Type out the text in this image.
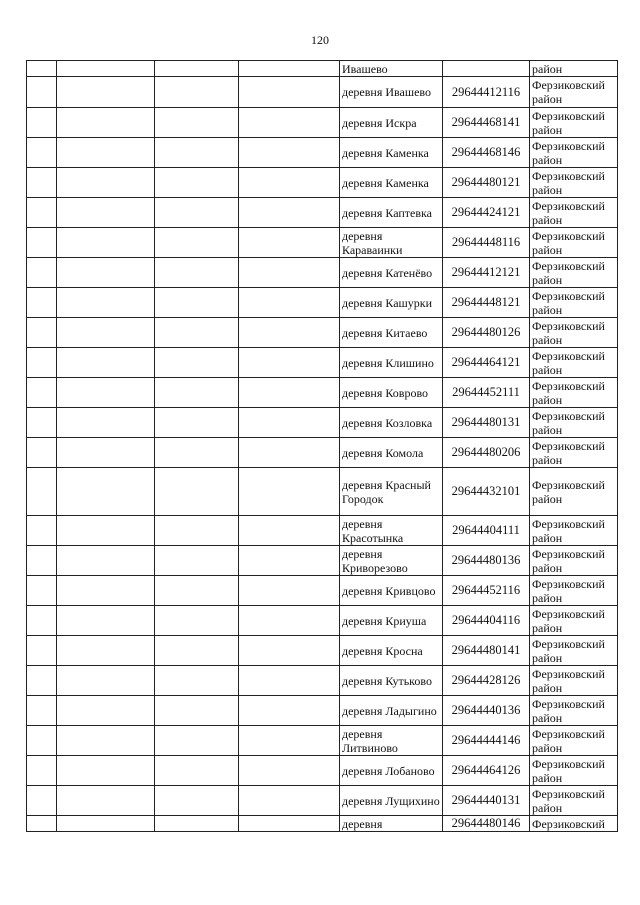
120
				Ивашево		район
				деревня Ивашево	29644412116	Ферзиковский район
				деревня Искра	29644468141	Ферзиковский район
				деревня Каменка	29644468146	Ферзиковский район
				деревня Каменка	29644480121	Ферзиковский район
				деревня Каптевка	29644424121	Ферзиковский район
				деревня Караваинки	29644448116	Ферзиковский район
				деревня Катенёво	29644412121	Ферзиковский район
				деревня Кашурки	29644448121	Ферзиковский район
				деревня Китаево	29644480126	Ферзиковский район
				деревня Клишино	29644464121	Ферзиковский район
				деревня Коврово	29644452111	Ферзиковский район
				деревня Козловка	29644480131	Ферзиковский район
				деревня Комола	29644480206	Ферзиковский район
				деревня Красный Городок	29644432101	Ферзиковский район
				деревня Красотынка	29644404111	Ферзиковский район
				деревня Криворезово	29644480136	Ферзиковский район
				деревня Кривцово	29644452116	Ферзиковский район
				деревня Криуша	29644404116	Ферзиковский район
				деревня Кросна	29644480141	Ферзиковский район
				деревня Кутьково	29644428126	Ферзиковский район
				деревня Ладыгино	29644440136	Ферзиковский район
				деревня Литвиново	29644444146	Ферзиковский район
				деревня Лобаново	29644464126	Ферзиковский район
				деревня Лущихино	29644440131	Ферзиковский район
				деревня	29644480146	Ферзиковский
